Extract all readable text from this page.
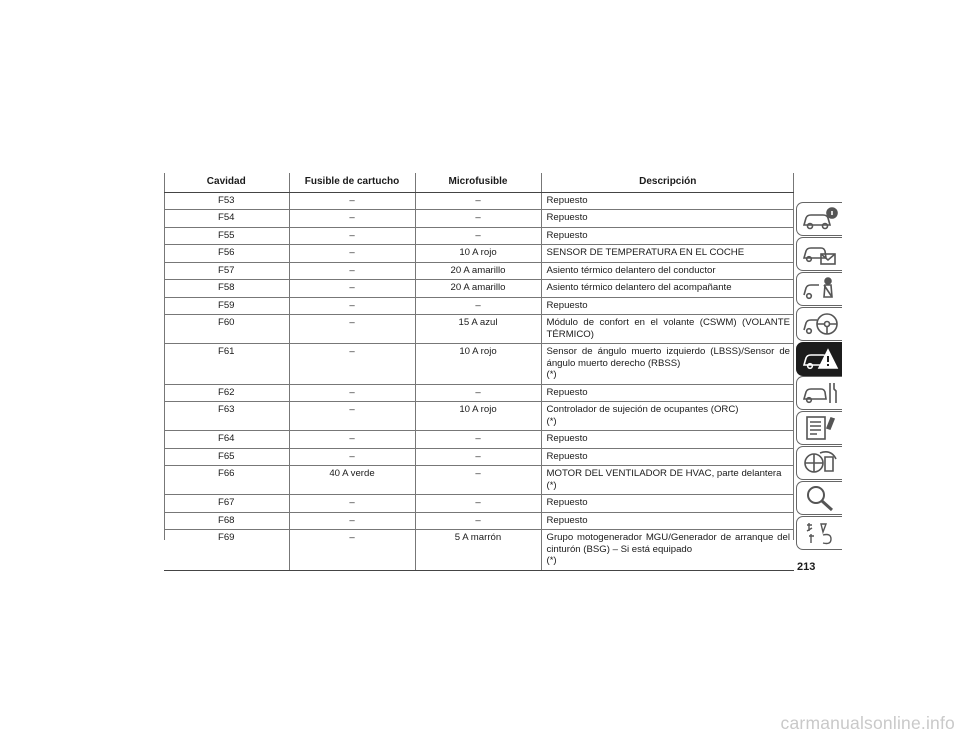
Cavidad	Fusible de cartucho	Microfusible	Descripción
F53	–	–	Repuesto
F54	–	–	Repuesto
F55	–	–	Repuesto
F56	–	10 A rojo	SENSOR DE TEMPERATURA EN EL COCHE
F57	–	20 A amarillo	Asiento térmico delantero del conductor
F58	–	20 A amarillo	Asiento térmico delantero del acompañante
F59	–	–	Repuesto
F60	–	15 A azul	Módulo de confort en el volante (CSWM) (VOLANTE TÉRMICO)
F61	–	10 A rojo	Sensor de ángulo muerto izquierdo (LBSS)/Sensor de ángulo muerto derecho (RBSS)
(*)
F62	–	–	Repuesto
F63	–	10 A rojo	Controlador de sujeción de ocupantes (ORC)
(*)
F64	–	–	Repuesto
F65	–	–	Repuesto
F66	40 A verde	–	MOTOR DEL VENTILADOR DE HVAC, parte delantera
(*)
F67	–	–	Repuesto
F68	–	–	Repuesto
F69	–	5 A marrón	Grupo motogenerador MGU/Generador de arranque del cinturón (BSG) – Si está equipado
(*)
213
carmanualsonline.info
